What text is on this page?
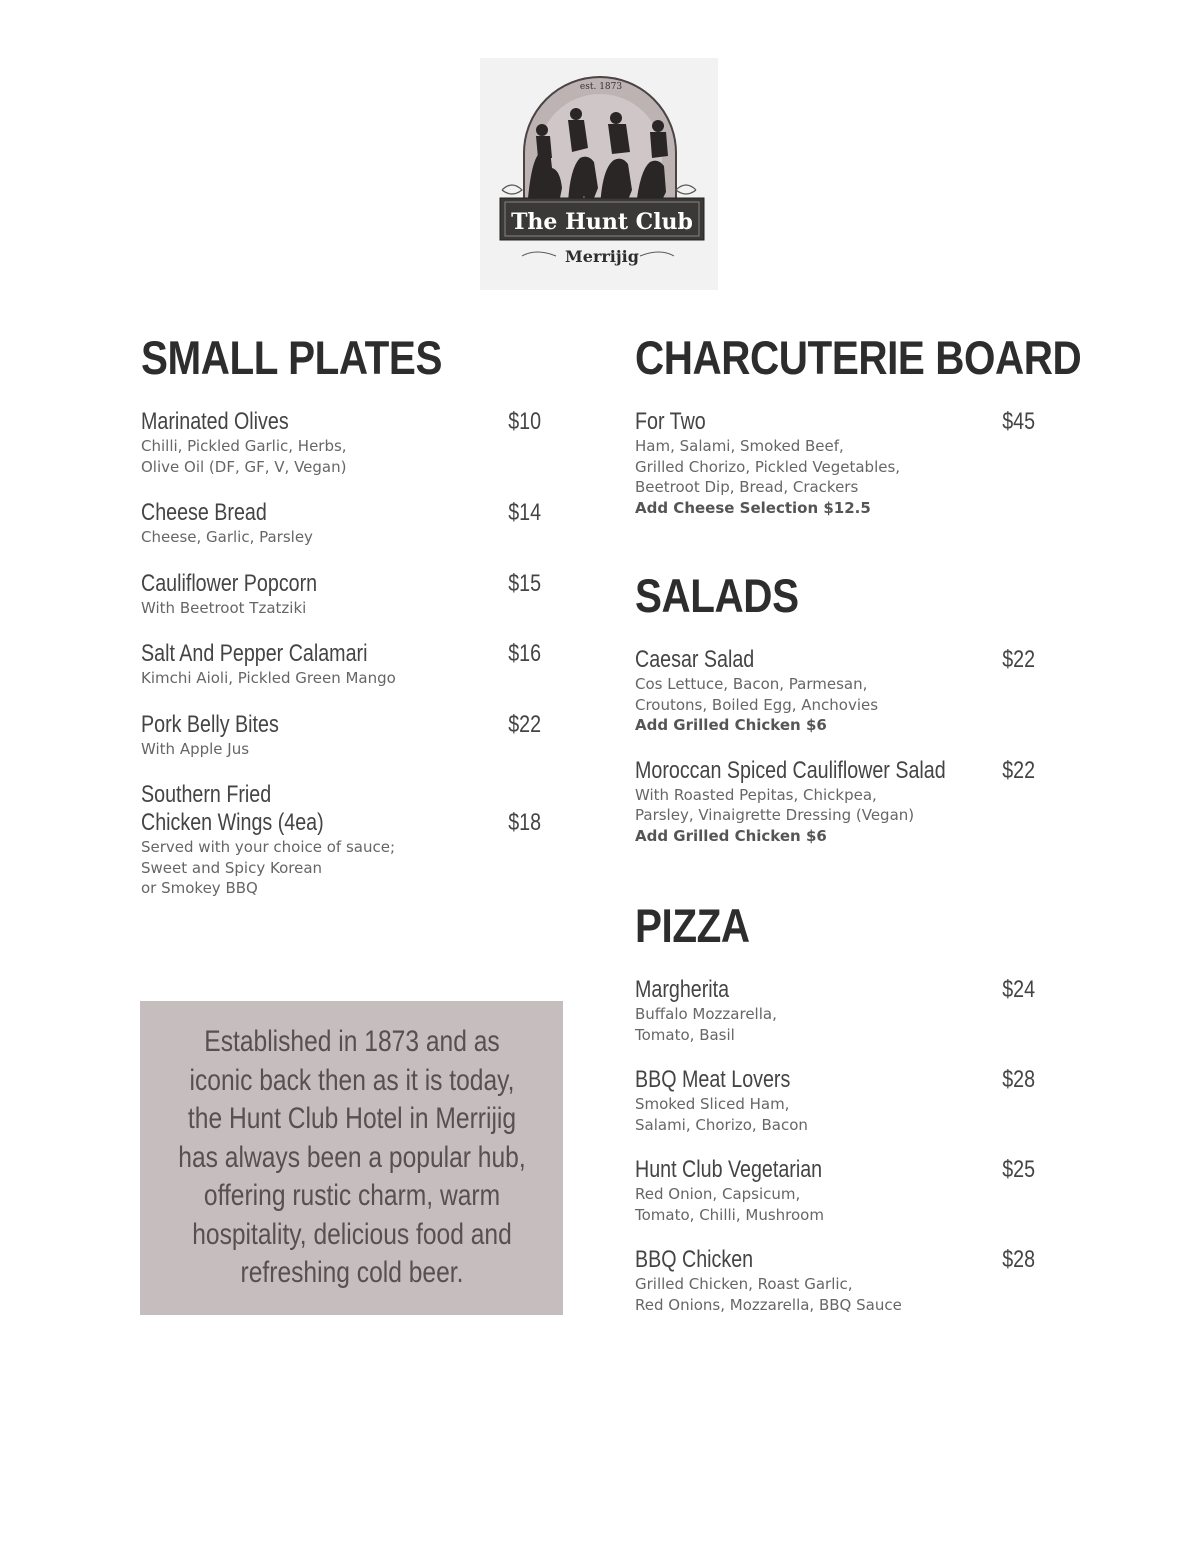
est. 1873
The Hunt Club
Merrijig
SMALL PLATES
$10
Marinated Olives
Chilli, Pickled Garlic, Herbs,
Olive Oil (DF, GF, V, Vegan)
$14
Cheese Bread
Cheese, Garlic, Parsley
$15
Cauliflower Popcorn
With Beetroot Tzatziki
$16
Salt And Pepper Calamari
Kimchi Aioli, Pickled Green Mango
$22
Pork Belly Bites
With Apple Jus
Southern Fried
$18
Chicken Wings (4ea)
Served with your choice of sauce;
Sweet and Spicy Korean
or Smokey BBQ
Established in 1873 and as
iconic back then as it is today,
the Hunt Club Hotel in Merrijig
has always been a popular hub,
offering rustic charm, warm
hospitality, delicious food and
refreshing cold beer.
CHARCUTERIE BOARD
$45
For Two
Ham, Salami, Smoked Beef,
Grilled Chorizo, Pickled Vegetables,
Beetroot Dip, Bread, Crackers
Add Cheese Selection $12.5
SALADS
$22
Caesar Salad
Cos Lettuce, Bacon, Parmesan,
Croutons, Boiled Egg, Anchovies
Add Grilled Chicken $6
$22
Moroccan Spiced Cauliflower Salad
With Roasted Pepitas, Chickpea,
Parsley, Vinaigrette Dressing (Vegan)
Add Grilled Chicken $6
PIZZA
$24
Margherita
Buffalo Mozzarella,
Tomato, Basil
$28
BBQ Meat Lovers
Smoked Sliced Ham,
Salami, Chorizo, Bacon
$25
Hunt Club Vegetarian
Red Onion, Capsicum,
Tomato, Chilli, Mushroom
$28
BBQ Chicken
Grilled Chicken, Roast Garlic,
Red Onions, Mozzarella, BBQ Sauce
